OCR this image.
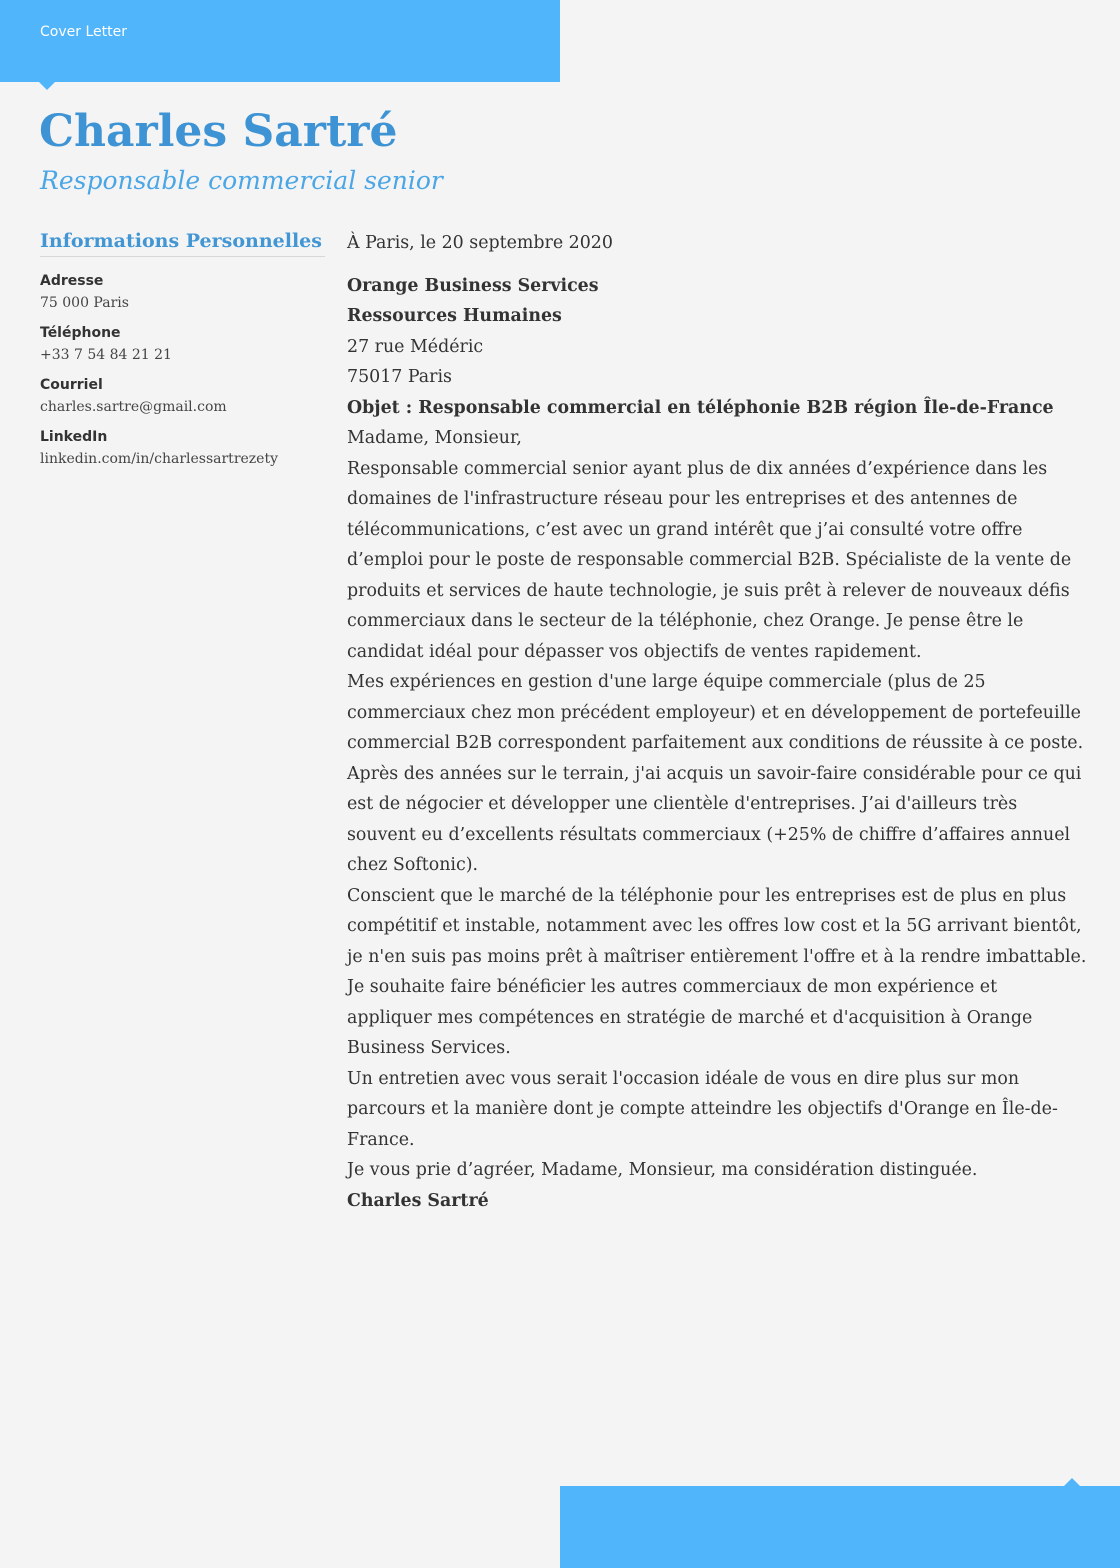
Cover Letter
Charles Sartré
Responsable commercial senior
Informations Personnelles
Adresse
75 000 Paris
Téléphone
+33 7 54 84 21 21
Courriel
charles.sartre@gmail.com
LinkedIn
linkedin.com/in/charlessartrezety

À Paris, le 20 septembre 2020

Orange Business Services

Ressources Humaines

27 rue Médéric

75017 Paris

Objet : Responsable commercial en téléphonie B2B région Île-de-France

Madame, Monsieur,

Responsable commercial senior ayant plus de dix années d’expérience dans les domaines de l'infrastructure réseau pour les entreprises et des antennes de télécommunications, c’est avec un grand intérêt que j’ai consulté votre offre d’emploi pour le poste de responsable commercial B2B. Spécialiste de la vente de produits et services de haute technologie, je suis prêt à relever de nouveaux défis commerciaux dans le secteur de la téléphonie, chez Orange. Je pense être le candidat idéal pour dépasser vos objectifs de ventes rapidement.

Mes expériences en gestion d'une large équipe commerciale (plus de 25 commerciaux chez mon précédent employeur) et en développement de portefeuille commercial B2B correspondent parfaitement aux conditions de réussite à ce poste. Après des années sur le terrain, j'ai acquis un savoir-faire considérable pour ce qui est de négocier et développer une clientèle d'entreprises. J’ai d'ailleurs très souvent eu d’excellents résultats commerciaux (+25% de chiffre d’affaires annuel chez Softonic).

Conscient que le marché de la téléphonie pour les entreprises est de plus en plus compétitif et instable, notamment avec les offres low cost et la 5G arrivant bientôt, je n'en suis pas moins prêt à maîtriser entièrement l'offre et à la rendre imbattable. Je souhaite faire bénéficier les autres commerciaux de mon expérience et appliquer mes compétences en stratégie de marché et d'acquisition à Orange Business Services.

Un entretien avec vous serait l'occasion idéale de vous en dire plus sur mon parcours et la manière dont je compte atteindre les objectifs d'Orange en Île-de-France.

Je vous prie d’agréer, Madame, Monsieur, ma considération distinguée.

Charles Sartré
